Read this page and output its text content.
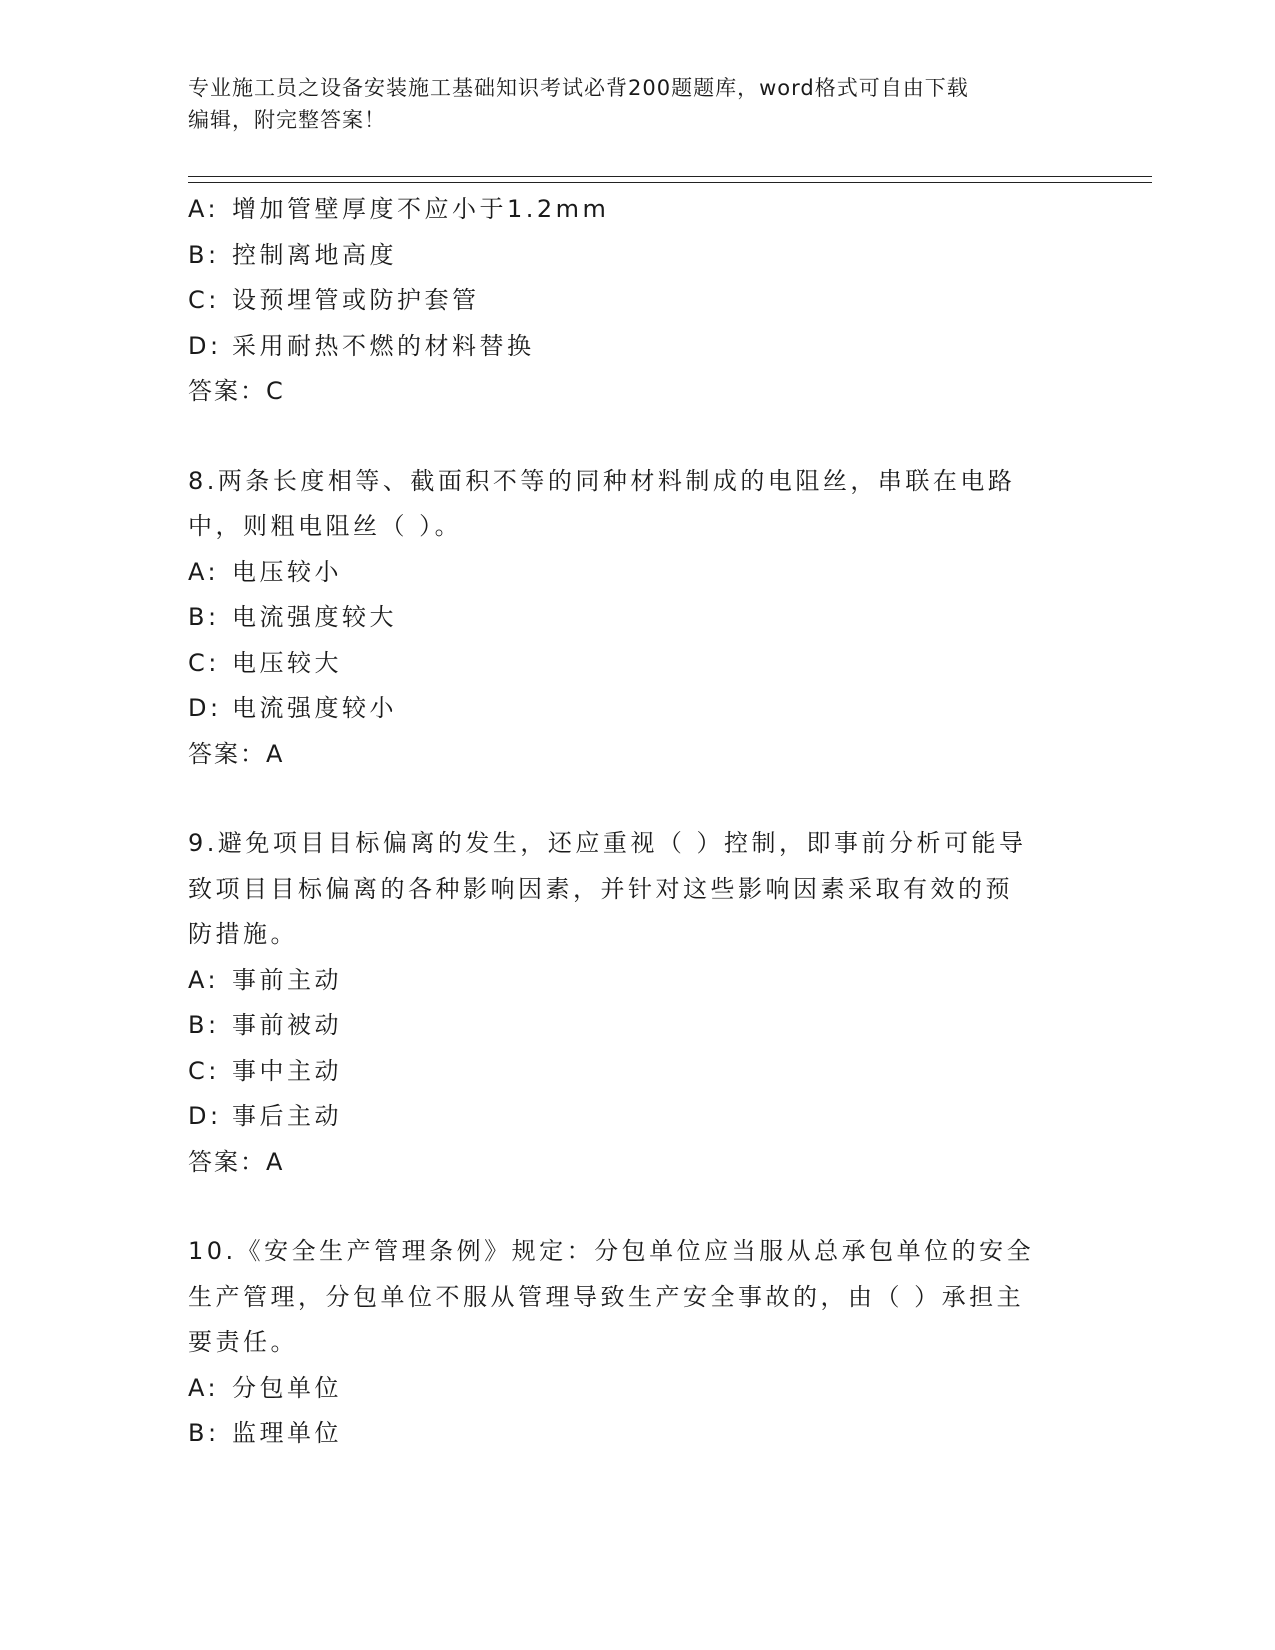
专业施工员之设备安装施工基础知识考试必背200题题库，word格式可自由下载
编辑，附完整答案！
A: 增加管壁厚度不应小于1.2mm
B: 控制离地高度
C: 设预埋管或防护套管
D: 采用耐热不燃的材料替换
答案：C
8.两条长度相等、截面积不等的同种材料制成的电阻丝，串联在电路
中，则粗电阻丝（ ）。
A: 电压较小
B: 电流强度较大
C: 电压较大
D: 电流强度较小
答案：A
9.避免项目目标偏离的发生，还应重视（ ）控制，即事前分析可能导
致项目目标偏离的各种影响因素，并针对这些影响因素采取有效的预
防措施。
A: 事前主动
B: 事前被动
C: 事中主动
D: 事后主动
答案：A
10.《安全生产管理条例》规定：分包单位应当服从总承包单位的安全
生产管理，分包单位不服从管理导致生产安全事故的，由（ ）承担主
要责任。
A: 分包单位
B: 监理单位
